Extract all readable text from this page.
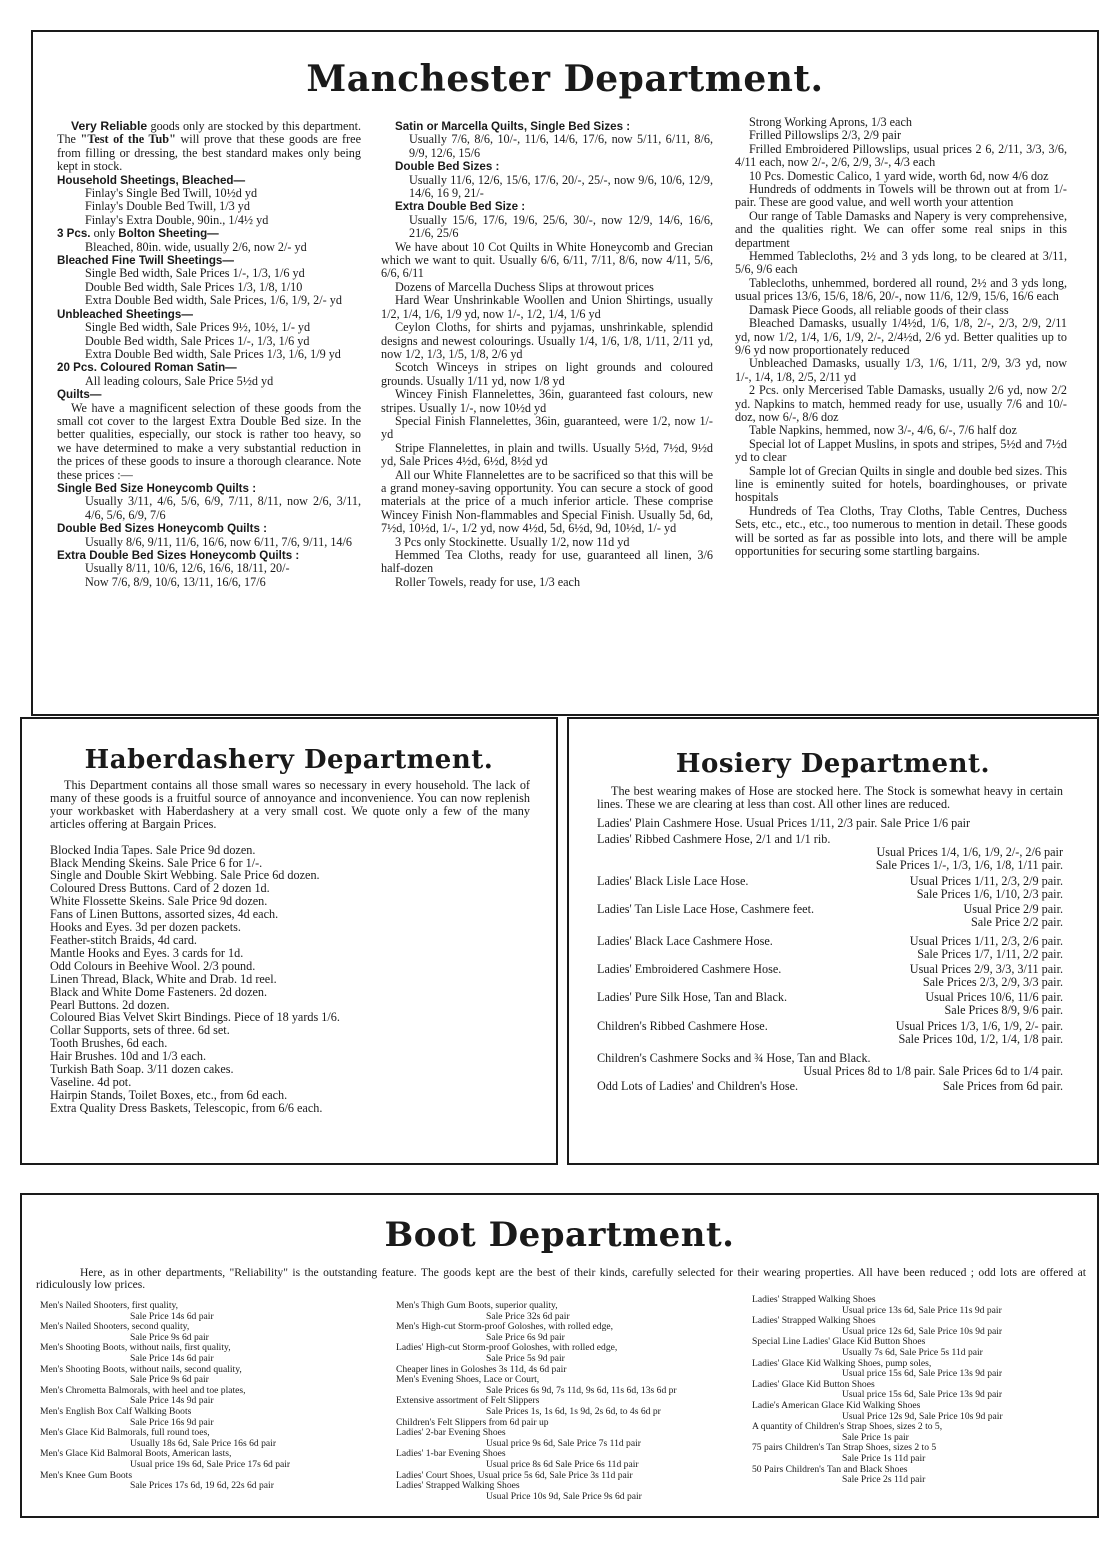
Manchester Department.

Very Reliable goods only are stocked by this department. The "Test of the Tub" will prove that these goods are free from filling or dressing, the best standard makes only being kept in stock.

Household Sheetings, Bleached—

Finlay's Single Bed Twill, 10½d yd

Finlay's Double Bed Twill, 1/3 yd

Finlay's Extra Double, 90in., 1/4½ yd

3 Pcs. only Bolton Sheeting—

Bleached, 80in. wide, usually 2/6, now 2/- yd

Bleached Fine Twill Sheetings—

Single Bed width, Sale Prices 1/-, 1/3, 1/6 yd

Double Bed width, Sale Prices 1/3, 1/8, 1/10

Extra Double Bed width, Sale Prices, 1/6, 1/9, 2/- yd

Unbleached Sheetings—

Single Bed width, Sale Prices 9½, 10½, 1/- yd

Double Bed width, Sale Prices 1/-, 1/3, 1/6 yd

Extra Double Bed width, Sale Prices 1/3, 1/6, 1/9 yd

20 Pcs. Coloured Roman Satin—

All leading colours, Sale Price 5½d yd

Quilts—

We have a magnificent selection of these goods from the small cot cover to the largest Extra Double Bed size. In the better qualities, especially, our stock is rather too heavy, so we have determined to make a very substantial reduction in the prices of these goods to insure a thorough clearance. Note these prices :—

Single Bed Size Honeycomb Quilts :

Usually 3/11, 4/6, 5/6, 6/9, 7/11, 8/11, now 2/6, 3/11, 4/6, 5/6, 6/9, 7/6

Double Bed Sizes Honeycomb Quilts :

Usually 8/6, 9/11, 11/6, 16/6, now 6/11, 7/6, 9/11, 14/6

Extra Double Bed Sizes Honeycomb Quilts :

Usually 8/11, 10/6, 12/6, 16/6, 18/11, 20/-

Now 7/6, 8/9, 10/6, 13/11, 16/6, 17/6

Satin or Marcella Quilts, Single Bed Sizes :

Usually 7/6, 8/6, 10/-, 11/6, 14/6, 17/6, now 5/11, 6/11, 8/6, 9/9, 12/6, 15/6

Double Bed Sizes :

Usually 11/6, 12/6, 15/6, 17/6, 20/-, 25/-, now 9/6, 10/6, 12/9, 14/6, 16 9, 21/-

Extra Double Bed Size :

Usually 15/6, 17/6, 19/6, 25/6, 30/-, now 12/9, 14/6, 16/6, 21/6, 25/6

We have about 10 Cot Quilts in White Honeycomb and Grecian which we want to quit. Usually 6/6, 6/11, 7/11, 8/6, now 4/11, 5/6, 6/6, 6/11

Dozens of Marcella Duchess Slips at throwout prices

Hard Wear Unshrinkable Woollen and Union Shirtings, usually 1/2, 1/4, 1/6, 1/9 yd, now 1/-, 1/2, 1/4, 1/6 yd

Ceylon Cloths, for shirts and pyjamas, unshrinkable, splendid designs and newest colourings. Usually 1/4, 1/6, 1/8, 1/11, 2/11 yd, now 1/2, 1/3, 1/5, 1/8, 2/6 yd

Scotch Winceys in stripes on light grounds and coloured grounds. Usually 1/11 yd, now 1/8 yd

Wincey Finish Flannelettes, 36in, guaranteed fast colours, new stripes. Usually 1/-, now 10½d yd

Special Finish Flannelettes, 36in, guaranteed, were 1/2, now 1/- yd

Stripe Flannelettes, in plain and twills. Usually 5½d, 7½d, 9½d yd, Sale Prices 4½d, 6½d, 8½d yd

All our White Flannelettes are to be sacrificed so that this will be a grand money-saving opportunity. You can secure a stock of good materials at the price of a much inferior article. These comprise Wincey Finish Non-flammables and Special Finish. Usually 5d, 6d, 7½d, 10½d, 1/-, 1/2 yd, now 4½d, 5d, 6½d, 9d, 10½d, 1/- yd

3 Pcs only Stockinette. Usually 1/2, now 11d yd

Hemmed Tea Cloths, ready for use, guaranteed all linen, 3/6 half-dozen

Roller Towels, ready for use, 1/3 each

Strong Working Aprons, 1/3 each

Frilled Pillowslips 2/3, 2/9 pair

Frilled Embroidered Pillowslips, usual prices 2 6, 2/11, 3/3, 3/6, 4/11 each, now 2/-, 2/6, 2/9, 3/-, 4/3 each

10 Pcs. Domestic Calico, 1 yard wide, worth 6d, now 4/6 doz

Hundreds of oddments in Towels will be thrown out at from 1/- pair. These are good value, and well worth your attention

Our range of Table Damasks and Napery is very comprehensive, and the qualities right. We can offer some real snips in this department

Hemmed Tablecloths, 2½ and 3 yds long, to be cleared at 3/11, 5/6, 9/6 each

Tablecloths, unhemmed, bordered all round, 2½ and 3 yds long, usual prices 13/6, 15/6, 18/6, 20/-, now 11/6, 12/9, 15/6, 16/6 each

Damask Piece Goods, all reliable goods of their class

Bleached Damasks, usually 1/4½d, 1/6, 1/8, 2/-, 2/3, 2/9, 2/11 yd, now 1/2, 1/4, 1/6, 1/9, 2/-, 2/4½d, 2/6 yd. Better qualities up to 9/6 yd now proportionately reduced

Unbleached Damasks, usually 1/3, 1/6, 1/11, 2/9, 3/3 yd, now 1/-, 1/4, 1/8, 2/5, 2/11 yd

2 Pcs. only Mercerised Table Damasks, usually 2/6 yd, now 2/2 yd. Napkins to match, hemmed ready for use, usually 7/6 and 10/- doz, now 6/-, 8/6 doz

Table Napkins, hemmed, now 3/-, 4/6, 6/-, 7/6 half doz

Special lot of Lappet Muslins, in spots and stripes, 5½d and 7½d yd to clear

Sample lot of Grecian Quilts in single and double bed sizes. This line is eminently suited for hotels, boardinghouses, or private hospitals

Hundreds of Tea Cloths, Tray Cloths, Table Centres, Duchess Sets, etc., etc., etc., too numerous to mention in detail. These goods will be sorted as far as possible into lots, and there will be ample opportunities for securing some startling bargains.

Haberdashery Department.

This Department contains all those small wares so necessary in every household. The lack of many of these goods is a fruitful source of annoyance and inconvenience. You can now replenish your workbasket with Haberdashery at a very small cost. We quote only a few of the many articles offering at Bargain Prices.

Blocked India Tapes. Sale Price 9d dozen.

Black Mending Skeins. Sale Price 6 for 1/-.

Single and Double Skirt Webbing. Sale Price 6d dozen.

Coloured Dress Buttons. Card of 2 dozen 1d.

White Flossette Skeins. Sale Price 9d dozen.

Fans of Linen Buttons, assorted sizes, 4d each.

Hooks and Eyes. 3d per dozen packets.

Feather-stitch Braids, 4d card.

Mantle Hooks and Eyes. 3 cards for 1d.

Odd Colours in Beehive Wool. 2/3 pound.

Linen Thread, Black, White and Drab. 1d reel.

Black and White Dome Fasteners. 2d dozen.

Pearl Buttons. 2d dozen.

Coloured Bias Velvet Skirt Bindings. Piece of 18 yards 1/6.

Collar Supports, sets of three. 6d set.

Tooth Brushes, 6d each.

Hair Brushes. 10d and 1/3 each.

Turkish Bath Soap. 3/11 dozen cakes.

Vaseline. 4d pot.

Hairpin Stands, Toilet Boxes, etc., from 6d each.

Extra Quality Dress Baskets, Telescopic, from 6/6 each.

Hosiery Department.

The best wearing makes of Hose are stocked here. The Stock is somewhat heavy in certain lines. These we are clearing at less than cost. All other lines are reduced.

Ladies' Plain Cashmere Hose. Usual Prices 1/11, 2/3 pair. Sale Price 1/6 pair

Ladies' Ribbed Cashmere Hose, 2/1 and 1/1 rib.

Usual Prices 1/4, 1/6, 1/9, 2/-, 2/6 pair

Sale Prices 1/-, 1/3, 1/6, 1/8, 1/11 pair.

Ladies' Black Lisle Lace Hose.	Usual Prices 1/11, 2/3, 2/9 pair.

Sale Prices 1/6, 1/10, 2/3 pair.

Ladies' Tan Lisle Lace Hose, Cashmere feet.	Usual Price 2/9 pair.

Sale Price 2/2 pair.

Ladies' Black Lace Cashmere Hose.	Usual Prices 1/11, 2/3, 2/6 pair.

Sale Prices 1/7, 1/11, 2/2 pair.

Ladies' Embroidered Cashmere Hose.	Usual Prices 2/9, 3/3, 3/11 pair.

Sale Prices 2/3, 2/9, 3/3 pair.

Ladies' Pure Silk Hose, Tan and Black.	Usual Prices 10/6, 11/6 pair.

Sale Prices 8/9, 9/6 pair.

Children's Ribbed Cashmere Hose.	Usual Prices 1/3, 1/6, 1/9, 2/- pair.

Sale Prices 10d, 1/2, 1/4, 1/8 pair.

Children's Cashmere Socks and ¾ Hose, Tan and Black.

Usual Prices 8d to 1/8 pair. Sale Prices 6d to 1/4 pair.

Odd Lots of Ladies' and Children's Hose.	Sale Prices from 6d pair.
Boot Department.

Here, as in other departments, "Reliability" is the outstanding feature. The goods kept are the best of their kinds, carefully selected for their wearing properties. All have been reduced ; odd lots are offered at ridiculously low prices.

Men's Nailed Shooters, first quality,

Sale Price 14s 6d pair

Men's Nailed Shooters, second quality,

Sale Price 9s 6d pair

Men's Shooting Boots, without nails, first quality,

Sale Price 14s 6d pair

Men's Shooting Boots, without nails, second quality,

Sale Price 9s 6d pair

Men's Chrometta Balmorals, with heel and toe plates,

Sale Price 14s 9d pair

Men's English Box Calf Walking Boots

Sale Price 16s 9d pair

Men's Glace Kid Balmorals, full round toes,

Usually 18s 6d, Sale Price 16s 6d pair

Men's Glace Kid Balmoral Boots, American lasts,

Usual price 19s 6d, Sale Price 17s 6d pair

Men's Knee Gum Boots

Sale Prices 17s 6d, 19 6d, 22s 6d pair

Men's Thigh Gum Boots, superior quality,

Sale Price 32s 6d pair

Men's High-cut Storm-proof Goloshes, with rolled edge,

Sale Price 6s 9d pair

Ladies' High-cut Storm-proof Goloshes, with rolled edge,

Sale Price 5s 9d pair

Cheaper lines in Goloshes 3s 11d, 4s 6d pair

Men's Evening Shoes, Lace or Court,

Sale Prices 6s 9d, 7s 11d, 9s 6d, 11s 6d, 13s 6d pr

Extensive assortment of Felt Slippers

Sale Prices 1s, 1s 6d, 1s 9d, 2s 6d, to 4s 6d pr

Children's Felt Slippers from 6d pair up

Ladies' 2-bar Evening Shoes

Usual price 9s 6d, Sale Price 7s 11d pair

Ladies' 1-bar Evening Shoes

Usual price 8s 6d Sale Price 6s 11d pair

Ladies' Court Shoes, Usual price 5s 6d, Sale Price 3s 11d pair

Ladies' Strapped Walking Shoes

Usual Price 10s 9d, Sale Price 9s 6d pair

Ladies' Strapped Walking Shoes

Usual price 13s 6d, Sale Price 11s 9d pair

Ladies' Strapped Walking Shoes

Usual price 12s 6d, Sale Price 10s 9d pair

Special Line Ladies' Glace Kid Button Shoes

Usually 7s 6d, Sale Price 5s 11d pair

Ladies' Glace Kid Walking Shoes, pump soles,

Usual price 15s 6d, Sale Price 13s 9d pair

Ladies' Glace Kid Button Shoes

Usual price 15s 6d, Sale Price 13s 9d pair

Ladie's American Glace Kid Walking Shoes

Usual Price 12s 9d, Sale Price 10s 9d pair

A quantity of Children's Strap Shoes, sizes 2 to 5,

Sale Price 1s pair

75 pairs Children's Tan Strap Shoes, sizes 2 to 5

Sale Price 1s 11d pair

50 Pairs Children's Tan and Black Shoes

Sale Price 2s 11d pair
